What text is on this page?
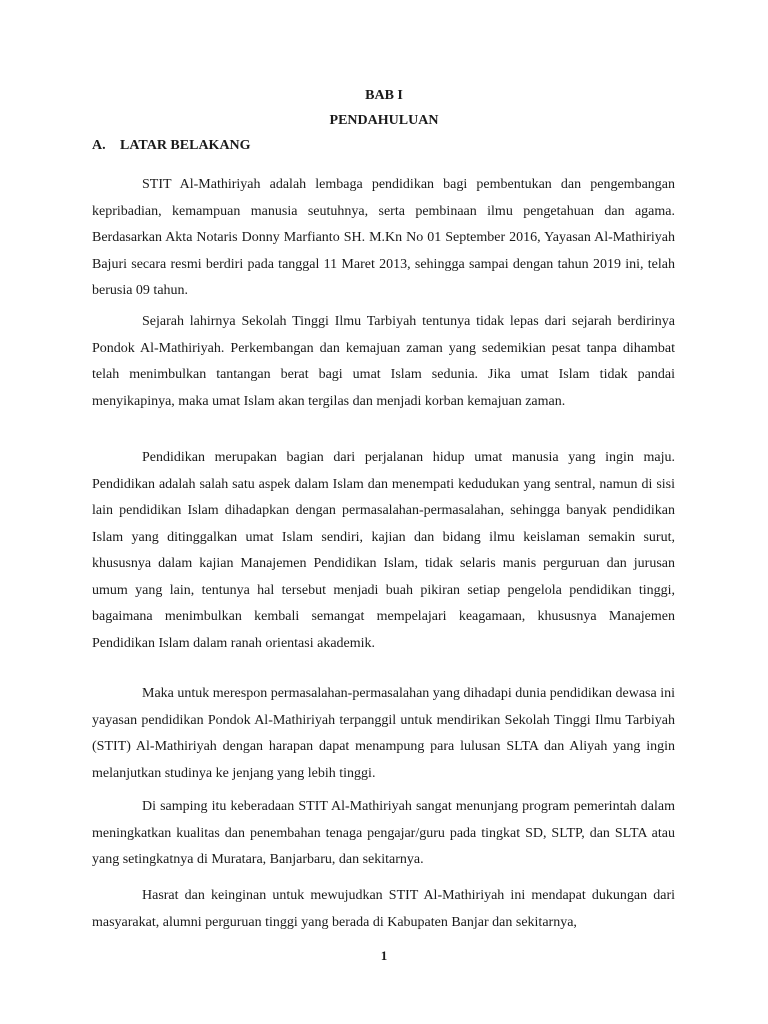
BAB I

PENDAHULUAN

A. LATAR BELAKANG

STIT Al-Mathiriyah adalah lembaga pendidikan bagi pembentukan dan pengembangan kepribadian, kemampuan manusia seutuhnya, serta pembinaan ilmu pengetahuan dan agama. Berdasarkan Akta Notaris Donny Marfianto SH. M.Kn No 01 September 2016, Yayasan Al-Mathiriyah Bajuri secara resmi berdiri pada tanggal 11 Maret 2013, sehingga sampai dengan tahun 2019 ini, telah berusia 09 tahun.

Sejarah lahirnya Sekolah Tinggi Ilmu Tarbiyah tentunya tidak lepas dari sejarah berdirinya Pondok Al-Mathiriyah. Perkembangan dan kemajuan zaman yang sedemikian pesat tanpa dihambat telah menimbulkan tantangan berat bagi umat Islam sedunia. Jika umat Islam tidak pandai menyikapinya, maka umat Islam akan tergilas dan menjadi korban kemajuan zaman.

Pendidikan merupakan bagian dari perjalanan hidup umat manusia yang ingin maju. Pendidikan adalah salah satu aspek dalam Islam dan menempati kedudukan yang sentral, namun di sisi lain pendidikan Islam dihadapkan dengan permasalahan-permasalahan, sehingga banyak pendidikan Islam yang ditinggalkan umat Islam sendiri, kajian dan bidang ilmu keislaman semakin surut, khususnya dalam kajian Manajemen Pendidikan Islam, tidak selaris manis perguruan dan jurusan umum yang lain, tentunya hal tersebut menjadi buah pikiran setiap pengelola pendidikan tinggi, bagaimana menimbulkan kembali semangat mempelajari keagamaan, khususnya Manajemen Pendidikan Islam dalam ranah orientasi akademik.

Maka untuk merespon permasalahan-permasalahan yang dihadapi dunia pendidikan dewasa ini yayasan pendidikan Pondok Al-Mathiriyah terpanggil untuk mendirikan Sekolah Tinggi Ilmu Tarbiyah (STIT) Al-Mathiriyah dengan harapan dapat menampung para lulusan SLTA dan Aliyah yang ingin melanjutkan studinya ke jenjang yang lebih tinggi.

Di samping itu keberadaan STIT Al-Mathiriyah sangat menunjang program pemerintah dalam meningkatkan kualitas dan penembahan tenaga pengajar/guru pada tingkat SD, SLTP, dan SLTA atau yang setingkatnya di Muratara, Banjarbaru, dan sekitarnya.

Hasrat dan keinginan untuk mewujudkan STIT Al-Mathiriyah ini mendapat dukungan dari masyarakat, alumni perguruan tinggi yang berada di Kabupaten Banjar dan sekitarnya,

1
